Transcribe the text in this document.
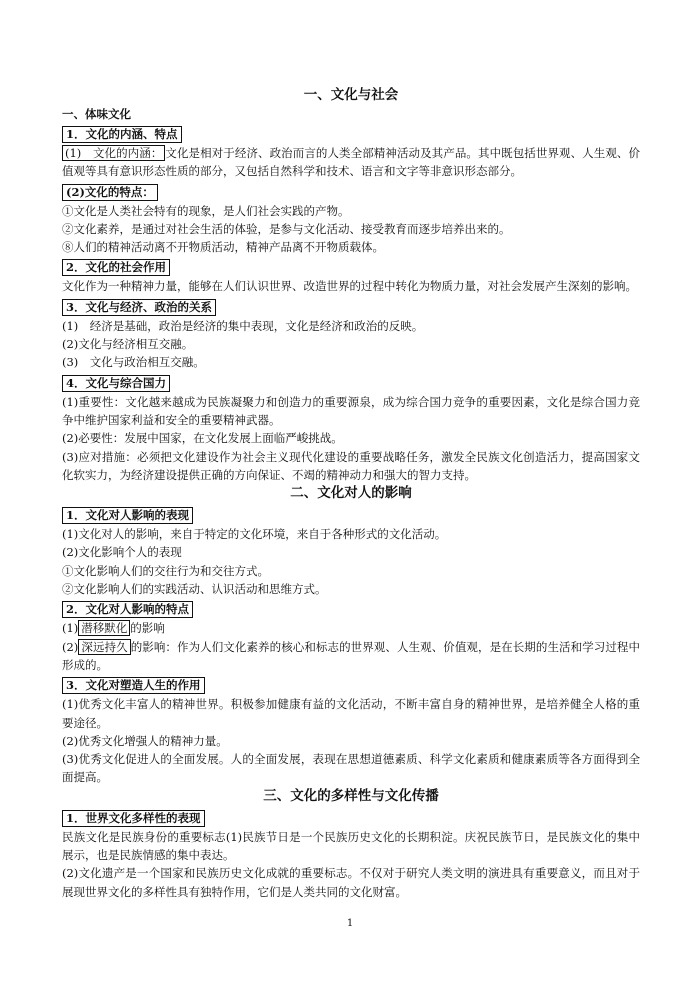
一、文化与社会
一、体味文化
1．文化的内涵、特点

(1)　文化的内涵： 文化是相对于经济、政治而言的人类全部精神活动及其产品。其中既包括世界观、人生观、价值观等具有意识形态性质的部分，又包括自然科学和技术、语言和文字等非意识形态部分。

(2)文化的特点：

①文化是人类社会特有的现象，是人们社会实践的产物。

②文化素养，是通过对社会生活的体验，是参与文化活动、接受教育而逐步培养出来的。

⑧人们的精神活动离不开物质活动，精神产品离不开物质载体。

2．文化的社会作用

文化作为一种精神力量，能够在人们认识世界、改造世界的过程中转化为物质力量，对社会发展产生深刻的影响。

3．文化与经济、政治的关系

(1)　经济是基础，政治是经济的集中表现，文化是经济和政治的反映。

(2)文化与经济相互交融。

(3)　文化与政治相互交融。

4．文化与综合国力

(1)重要性：文化越来越成为民族凝聚力和创造力的重要源泉，成为综合国力竞争的重要因素，文化是综合国力竞争中维护国家利益和安全的重要精神武器。

(2)必要性：发展中国家，在文化发展上面临严峻挑战。

(3)应对措施：必须把文化建设作为社会主义现代化建设的重要战略任务，激发全民族文化创造活力，提高国家文化软实力，为经济建设提供正确的方向保证、不竭的精神动力和强大的智力支持。

二、文化对人的影响
1．文化对人影响的表现

(1)文化对人的影响，来自于特定的文化环境，来自于各种形式的文化活动。

(2)文化影响个人的表现

①文化影响人们的交往行为和交往方式。

②文化影响人们的实践活动、认识活动和思维方式。

2．文化对人影响的特点

(1) 潜移默化 的影响

(2) 深远持久 的影响：作为人们文化素养的核心和标志的世界观、人生观、价值观，是在长期的生活和学习过程中形成的。

3．文化对塑造人生的作用

(1)优秀文化丰富人的精神世界。积极参加健康有益的文化活动，不断丰富自身的精神世界，是培养健全人格的重要途径。

(2)优秀文化增强人的精神力量。

(3)优秀文化促进人的全面发展。人的全面发展，表现在思想道德素质、科学文化素质和健康素质等各方面得到全面提高。

三、文化的多样性与文化传播
1．世界文化多样性的表现

民族文化是民族身份的重要标志(1)民族节日是一个民族历史文化的长期积淀。庆祝民族节日，是民族文化的集中展示，也是民族情感的集中表达。

(2)文化遗产是一个国家和民族历史文化成就的重要标志。不仅对于研究人类文明的演进具有重要意义，而且对于展现世界文化的多样性具有独特作用，它们是人类共同的文化财富。

1
